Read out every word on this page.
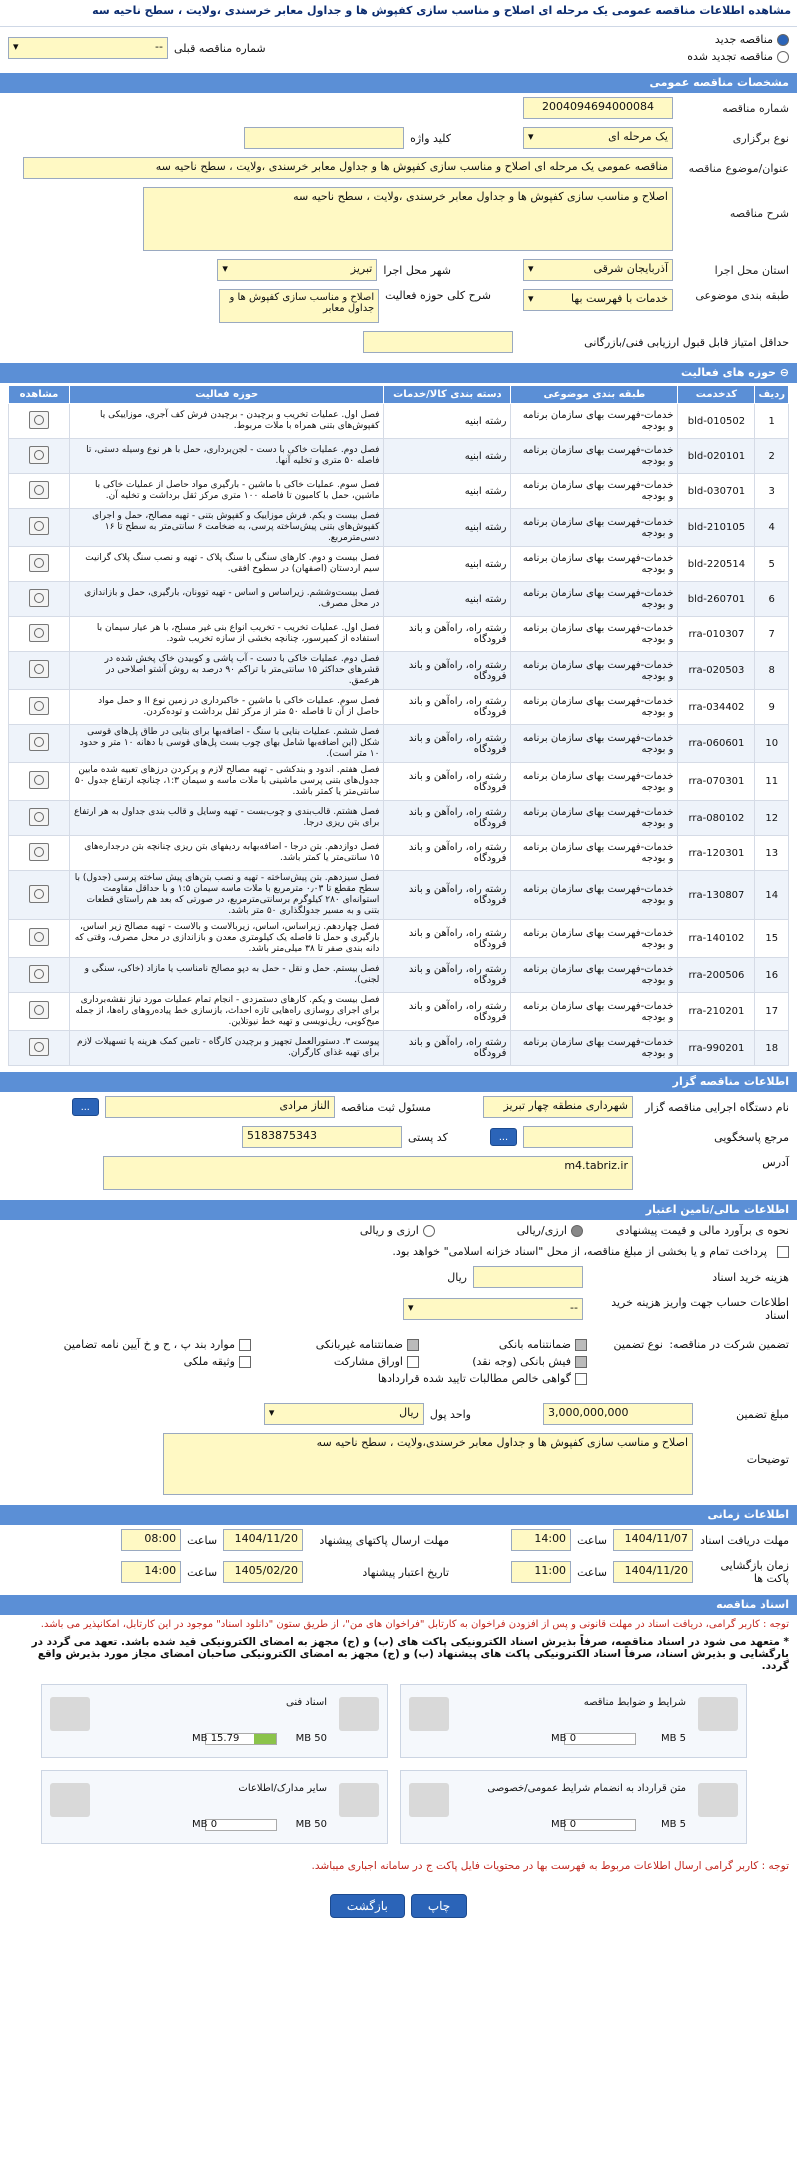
مشاهده اطلاعات مناقصه عمومی یک مرحله ای اصلاح و مناسب سازی کفپوش ها و جداول معابر خرسندی ،ولایت ، سطح ناحیه سه
مناقصه جدید
مناقصه تجدید شده
شماره مناقصه قبلی
--
▾
مشخصات مناقصه عمومی
شماره مناقصه
2004094694000084
نوع برگزاری
یک مرحله ای
▾
کلید واژه
عنوان/موضوع مناقصه
مناقصه عمومی یک مرحله ای اصلاح و مناسب سازی کفپوش ها و جداول معابر خرسندی ،ولایت ، سطح ناحیه سه
شرح مناقصه
اصلاح و مناسب سازی کفپوش ها و جداول معابر خرسندی ،ولایت ، سطح ناحیه سه
استان محل اجرا
آذربایجان شرقی
▾
شهر محل اجرا
تبریز
▾
طبقه بندی موضوعی
خدمات با فهرست بها
▾
شرح کلی حوزه فعالیت
اصلاح و مناسب سازی کفپوش ها و جداول معابر
حداقل امتیاز قابل قبول ارزیابی فنی/بازرگانی
⊖ حوزه های فعالیت
ردیف	کدخدمت	طبقه بندی موضوعی	دسته بندی کالا/خدمات	حوزه فعالیت	مشاهده
1	bld-010502	خدمات-فهرست بهای سازمان برنامه و بودجه	رشته ابنیه	فصل اول. عملیات تخریب و برچیدن - برچیدن فرش کف آجری، موزاییکی یا کفپوش‌های بتنی همراه با ملات مربوط.	
2	bld-020101	خدمات-فهرست بهای سازمان برنامه و بودجه	رشته ابنیه	فصل دوم. عملیات خاکی با دست - لجن‌برداری، حمل با هر نوع وسیله دستی، تا فاصله ۵۰ متری و تخلیه آنها.	
3	bld-030701	خدمات-فهرست بهای سازمان برنامه و بودجه	رشته ابنیه	فصل سوم. عملیات خاکی با ماشین - بارگیری مواد حاصل از عملیات خاکی با ماشین، حمل با کامیون تا فاصله ۱۰۰ متری مرکز ثقل برداشت و تخلیه آن.	
4	bld-210105	خدمات-فهرست بهای سازمان برنامه و بودجه	رشته ابنیه	فصل بیست و یکم. فرش موزاییک و کفپوش بتنی - تهیه مصالح، حمل و اجرای کفپوش‌های بتنی پیش‌ساخته پرسی، به ضخامت ۶ سانتی‌متر به سطح تا ۱۶ دسی‌مترمربع.	
5	bld-220514	خدمات-فهرست بهای سازمان برنامه و بودجه	رشته ابنیه	فصل بیست و دوم. کارهای سنگی با سنگ پلاک - تهیه و نصب سنگ پلاک گرانیت سیم اردستان (اصفهان) در سطوح افقی.	
6	bld-260701	خدمات-فهرست بهای سازمان برنامه و بودجه	رشته ابنیه	فصل بیست‌وششم. زیراساس و اساس - تهیه توونان، بارگیری، حمل و بازاندازی در محل مصرف.	
7	rra-010307	خدمات-فهرست بهای سازمان برنامه و بودجه	رشته راه، راه‌آهن و باند فرودگاه	فصل اول. عملیات تخریب - تخریب انواع بنی غیر مسلح، با هر عیار سیمان با استفاده از کمپرسور، چنانچه بخشی از سازه تخریب شود.	
8	rra-020503	خدمات-فهرست بهای سازمان برنامه و بودجه	رشته راه، راه‌آهن و باند فرودگاه	فصل دوم. عملیات خاکی با دست - آب پاشی و کوبیدن خاک پخش شده در قشرهای حداکثر ۱۵ سانتی‌متر با تراکم ۹۰ درصد به روش آشتو اصلاحی در هرعمق.	
9	rra-034402	خدمات-فهرست بهای سازمان برنامه و بودجه	رشته راه، راه‌آهن و باند فرودگاه	فصل سوم. عملیات خاکی با ماشین - خاکبرداری در زمین نوع II و حمل مواد حاصل از آن تا فاصله ۵۰ متر از مرکز ثقل برداشت و توده‌کردن.	
10	rra-060601	خدمات-فهرست بهای سازمان برنامه و بودجه	رشته راه، راه‌آهن و باند فرودگاه	فصل ششم. عملیات بنایی با سنگ - اضافه‌بها برای بنایی در طاق پل‌های قوسی شکل (این اضافه‌بها شامل بهای چوب بست پل‌های قوسی با دهانه ۱۰ متر و حدود ۱۰ متر است).	
11	rra-070301	خدمات-فهرست بهای سازمان برنامه و بودجه	رشته راه، راه‌آهن و باند فرودگاه	فصل هفتم. اندود و بندکشی - تهیه مصالح لازم و پرکردن درزهای تعبیه شده مابین جدول‌های بتنی پرسی ماشینی با ملات ماسه و سیمان ۱:۳، چنانچه ارتفاع جدول ۵۰ سانتی‌متر یا کمتر باشد.	
12	rra-080102	خدمات-فهرست بهای سازمان برنامه و بودجه	رشته راه، راه‌آهن و باند فرودگاه	فصل هشتم. قالب‌بندی و چوب‌بست - تهیه وسایل و قالب بندی جداول به هر ارتفاع برای بتن ریزی درجا.	
13	rra-120301	خدمات-فهرست بهای سازمان برنامه و بودجه	رشته راه، راه‌آهن و باند فرودگاه	فصل دوازدهم. بتن درجا - اضافه‌بهابه ردیفهای بتن ریزی چنانچه بتن درجداره‌های ۱۵ سانتی‌متر یا کمتر باشد.	
14	rra-130807	خدمات-فهرست بهای سازمان برنامه و بودجه	رشته راه، راه‌آهن و باند فرودگاه	فصل سیزدهم. بتن پیش‌ساخته - تهیه و نصب بتن‌های پیش ساخته پرسی (جدول) با سطح مقطع تا ۰٫۰۳ مترمربع با ملات ماسه سیمان ۱:۵ و با حداقل مقاومت استوانه‌ای ۲۸۰ کیلوگرم برسانتی‌مترمربع، در صورتی که بعد هم راستای قطعات بتنی و به مسیر جدولگذاری ۵۰ متر باشد.	
15	rra-140102	خدمات-فهرست بهای سازمان برنامه و بودجه	رشته راه، راه‌آهن و باند فرودگاه	فصل چهاردهم. زیراساس، اساس، زیربالاست و بالاست - تهیه مصالح زیر اساس، بارگیری و حمل تا فاصله یک کیلومتری معدن و بازاندازی در محل مصرف، وقتی که دانه بندی صفر تا ۳۸ میلی‌متر باشد.	
16	rra-200506	خدمات-فهرست بهای سازمان برنامه و بودجه	رشته راه، راه‌آهن و باند فرودگاه	فصل بیستم. حمل و نقل - حمل به دپو مصالح نامناسب یا مازاد (خاکی، سنگی و لجنی).	
17	rra-210201	خدمات-فهرست بهای سازمان برنامه و بودجه	رشته راه، راه‌آهن و باند فرودگاه	فصل بیست و یکم. کارهای دستمزدی - انجام تمام عملیات مورد نیاز نقشه‌برداری برای اجرای روسازی راه‌هایی تازه احداث، بازسازی خط پیاده‌روهای راه‌ها، از جمله میخ‌کوبی، ریل‌نویسی و تهیه خط نیوتلاین.	
18	rra-990201	خدمات-فهرست بهای سازمان برنامه و بودجه	رشته راه، راه‌آهن و باند فرودگاه	پیوست ۳. دستورالعمل تجهیز و برچیدن کارگاه - تامین کمک هزینه یا تسهیلات لازم برای تهیه غذای کارگران.	
اطلاعات مناقصه گزار
نام دستگاه اجرایی مناقصه گزار
شهرداری منطقه چهار تبریز
مسئول ثبت مناقصه
الناز مرادی
...
مرجع پاسخگویی
...
کد پستی
5183875343
آدرس
m4.tabriz.ir
اطلاعات مالی/تامین اعتبار
نحوه ی برآورد مالی و قیمت پیشنهادی
ارزی/ریالی
ارزی و ریالی
پرداخت تمام و یا بخشی از مبلغ مناقصه، از محل "اسناد خزانه اسلامی" خواهد بود.
هزینه خرید اسناد
ریال
اطلاعات حساب جهت واریز هزینه خرید اسناد
--
▾
تضمین شرکت در مناقصه:
نوع تضمین
ضمانتنامه بانکی
ضمانتنامه غیربانکی
موارد بند پ ، ح و خ آیین نامه تضامین
فیش بانکی (وجه نقد)
اوراق مشارکت
وثیقه ملکی
گواهی خالص مطالبات تایید شده قراردادها
مبلغ تضمین
3,000,000,000
واحد پول
ریال
▾
توضیحات
اصلاح و مناسب سازی کفپوش ها و جداول معابر خرسندی،ولایت ، سطح ناحیه سه
اطلاعات زمانی
مهلت دریافت اسناد
1404/11/07
ساعت
14:00
مهلت ارسال پاکتهای پیشنهاد
1404/11/20
ساعت
08:00
زمان بازگشایی پاکت ها
1404/11/20
ساعت
11:00
تاریخ اعتبار پیشنهاد
1405/02/20
ساعت
14:00
اسناد مناقصه
توجه : کاربر گرامی، دریافت اسناد در مهلت قانونی و پس از افزودن فراخوان به کارتابل "فراخوان های من"، از طریق ستون "دانلود اسناد" موجود در این کارتابل، امکانپذیر می باشد.
* متعهد می شود در اسناد مناقصه، صرفاً بذیرش اسناد الکترونیکی پاکت های (ب) و (ج) مجهز به امضای الکترونیکی قید شده باشد. تعهد می گردد در بارگشایی و بذیرش اسناد، صرفاً اسناد الکترونیکی پاکت های پیشنهاد (ب) و (ج) مجهز به امضای الکترونیکی صاحبان امضای مجاز مورد بذیرش واقع گردد.
شرایط و ضوابط مناقصه
5 MB
0 MB
اسناد فنی
50 MB
15.79 MB
متن قرارداد به انضمام شرایط عمومی/خصوصی
5 MB
0 MB
سایر مدارک/اطلاعات
50 MB
0 MB
توجه : کاربر گرامی ارسال اطلاعات مربوط به فهرست بها در محتویات فایل پاکت ج در سامانه اجباری میباشد.
چاپ
بازگشت
